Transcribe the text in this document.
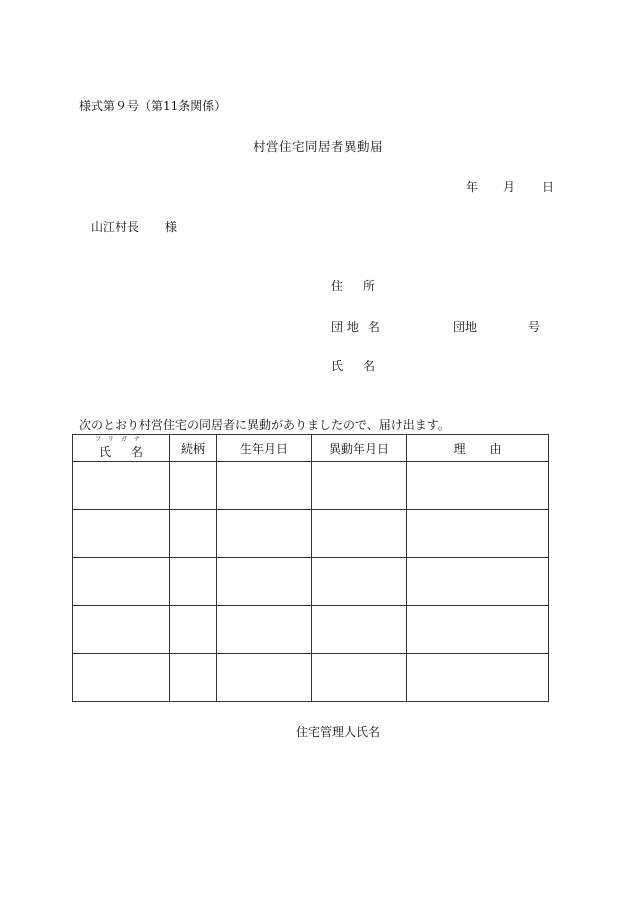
様式第９号（第11条関係）
村営住宅同居者異動届
年 月 日
山江村長 様
住 所
団 地 名	団地	号
氏 名
次のとおり村営住宅の同居者に異動がありましたので、届け出ます。
フリガナ
氏 名	続柄	生年月日	異動年月日	理 由

住宅管理人氏名
